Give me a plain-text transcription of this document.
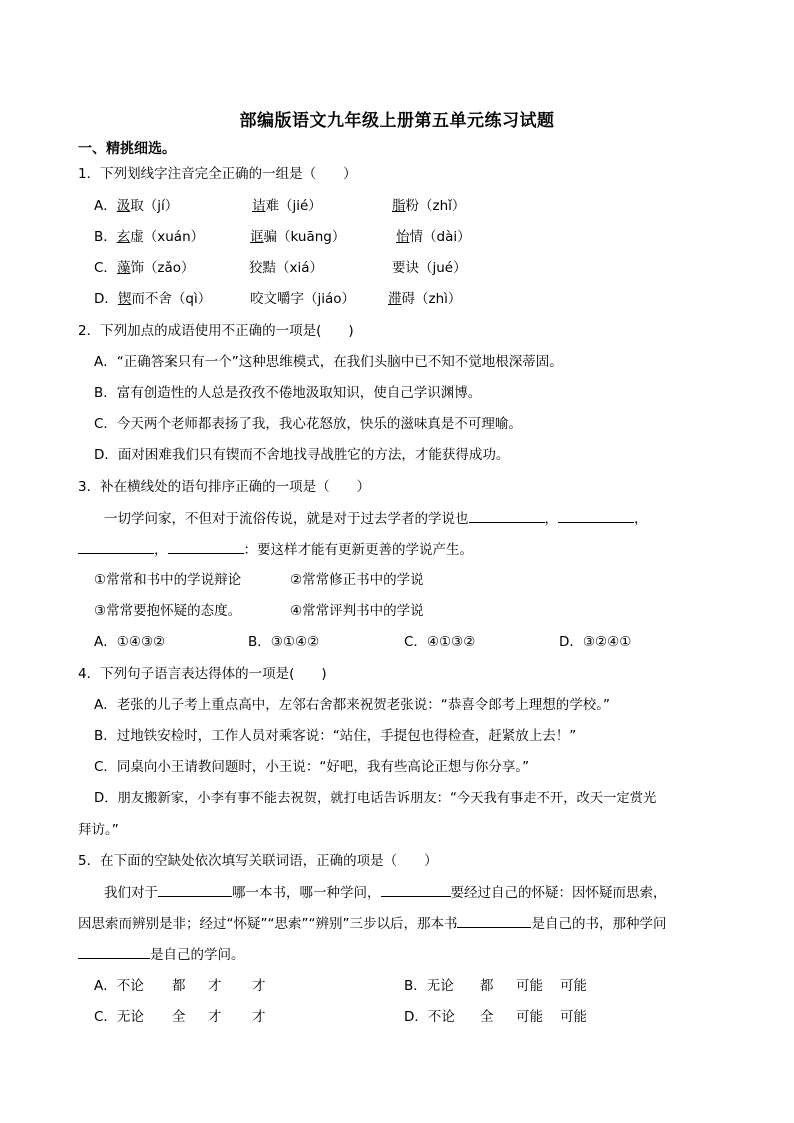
部编版语文九年级上册第五单元练习试题
一、精挑细选。
1．下列划线字注音完全正确的一组是（　　）
A．汲取（jí）	诘难（jié）	脂粉（zhǐ）
B．玄虚（xuán）	诓骗（kuāng）	怡情（dài）
C．藻饰（zǎo）	狡黠（xiá）	要诀（jué）
D．锲而不舍（qì）	咬文嚼字（jiáo） 滞碍（zhì）
2．下列加点的成语使用不正确的一项是(　　)
A．“正确答案只有一个”这种思维模式，在我们头脑中已不知不觉地根深蒂固。
B．富有创造性的人总是孜孜不倦地汲取知识，使自己学识渊博。
C．今天两个老师都表扬了我，我心花怒放，快乐的滋味真是不可理喻。
D．面对困难我们只有锲而不舍地找寻战胜它的方法，才能获得成功。
3．补在横线处的语句排序正确的一项是（　　）
一切学问家，不但对于流俗传说，就是对于过去学者的学说也	，	，
，	：要这样才能有更新更善的学说产生。
①常常和书中的学说辩论	②常常修正书中的学说
③常常要抱怀疑的态度。	④常常评判书中的学说
A．①④③②	B．③①④②	C．④①③②	D．③②④①
4．下列句子语言表达得体的一项是(　　)
A．老张的儿子考上重点高中，左邻右舍都来祝贺老张说：“恭喜令郎考上理想的学校。”
B．过地铁安检时，工作人员对乘客说：“站住，手提包也得检查，赶紧放上去！”
C．同桌向小王请教问题时，小王说：“好吧，我有些高论正想与你分享。”
D．朋友搬新家，小李有事不能去祝贺，就打电话告诉朋友：“今天我有事走不开，改天一定赏光
拜访。”
5．在下面的空缺处依次填写关联词语，正确的项是（　　）
我们对于	哪一本书，哪一种学问，	要经过自己的怀疑：因怀疑而思索，
因思索而辨别是非；经过“怀疑”“思索”“辨别”三步以后，那本书	是自己的书，那种学问
是自己的学问。
A．不论 都 才 才	B．无论 都 可能 可能
C．无论 全 才 才	D．不论 全 可能 可能
